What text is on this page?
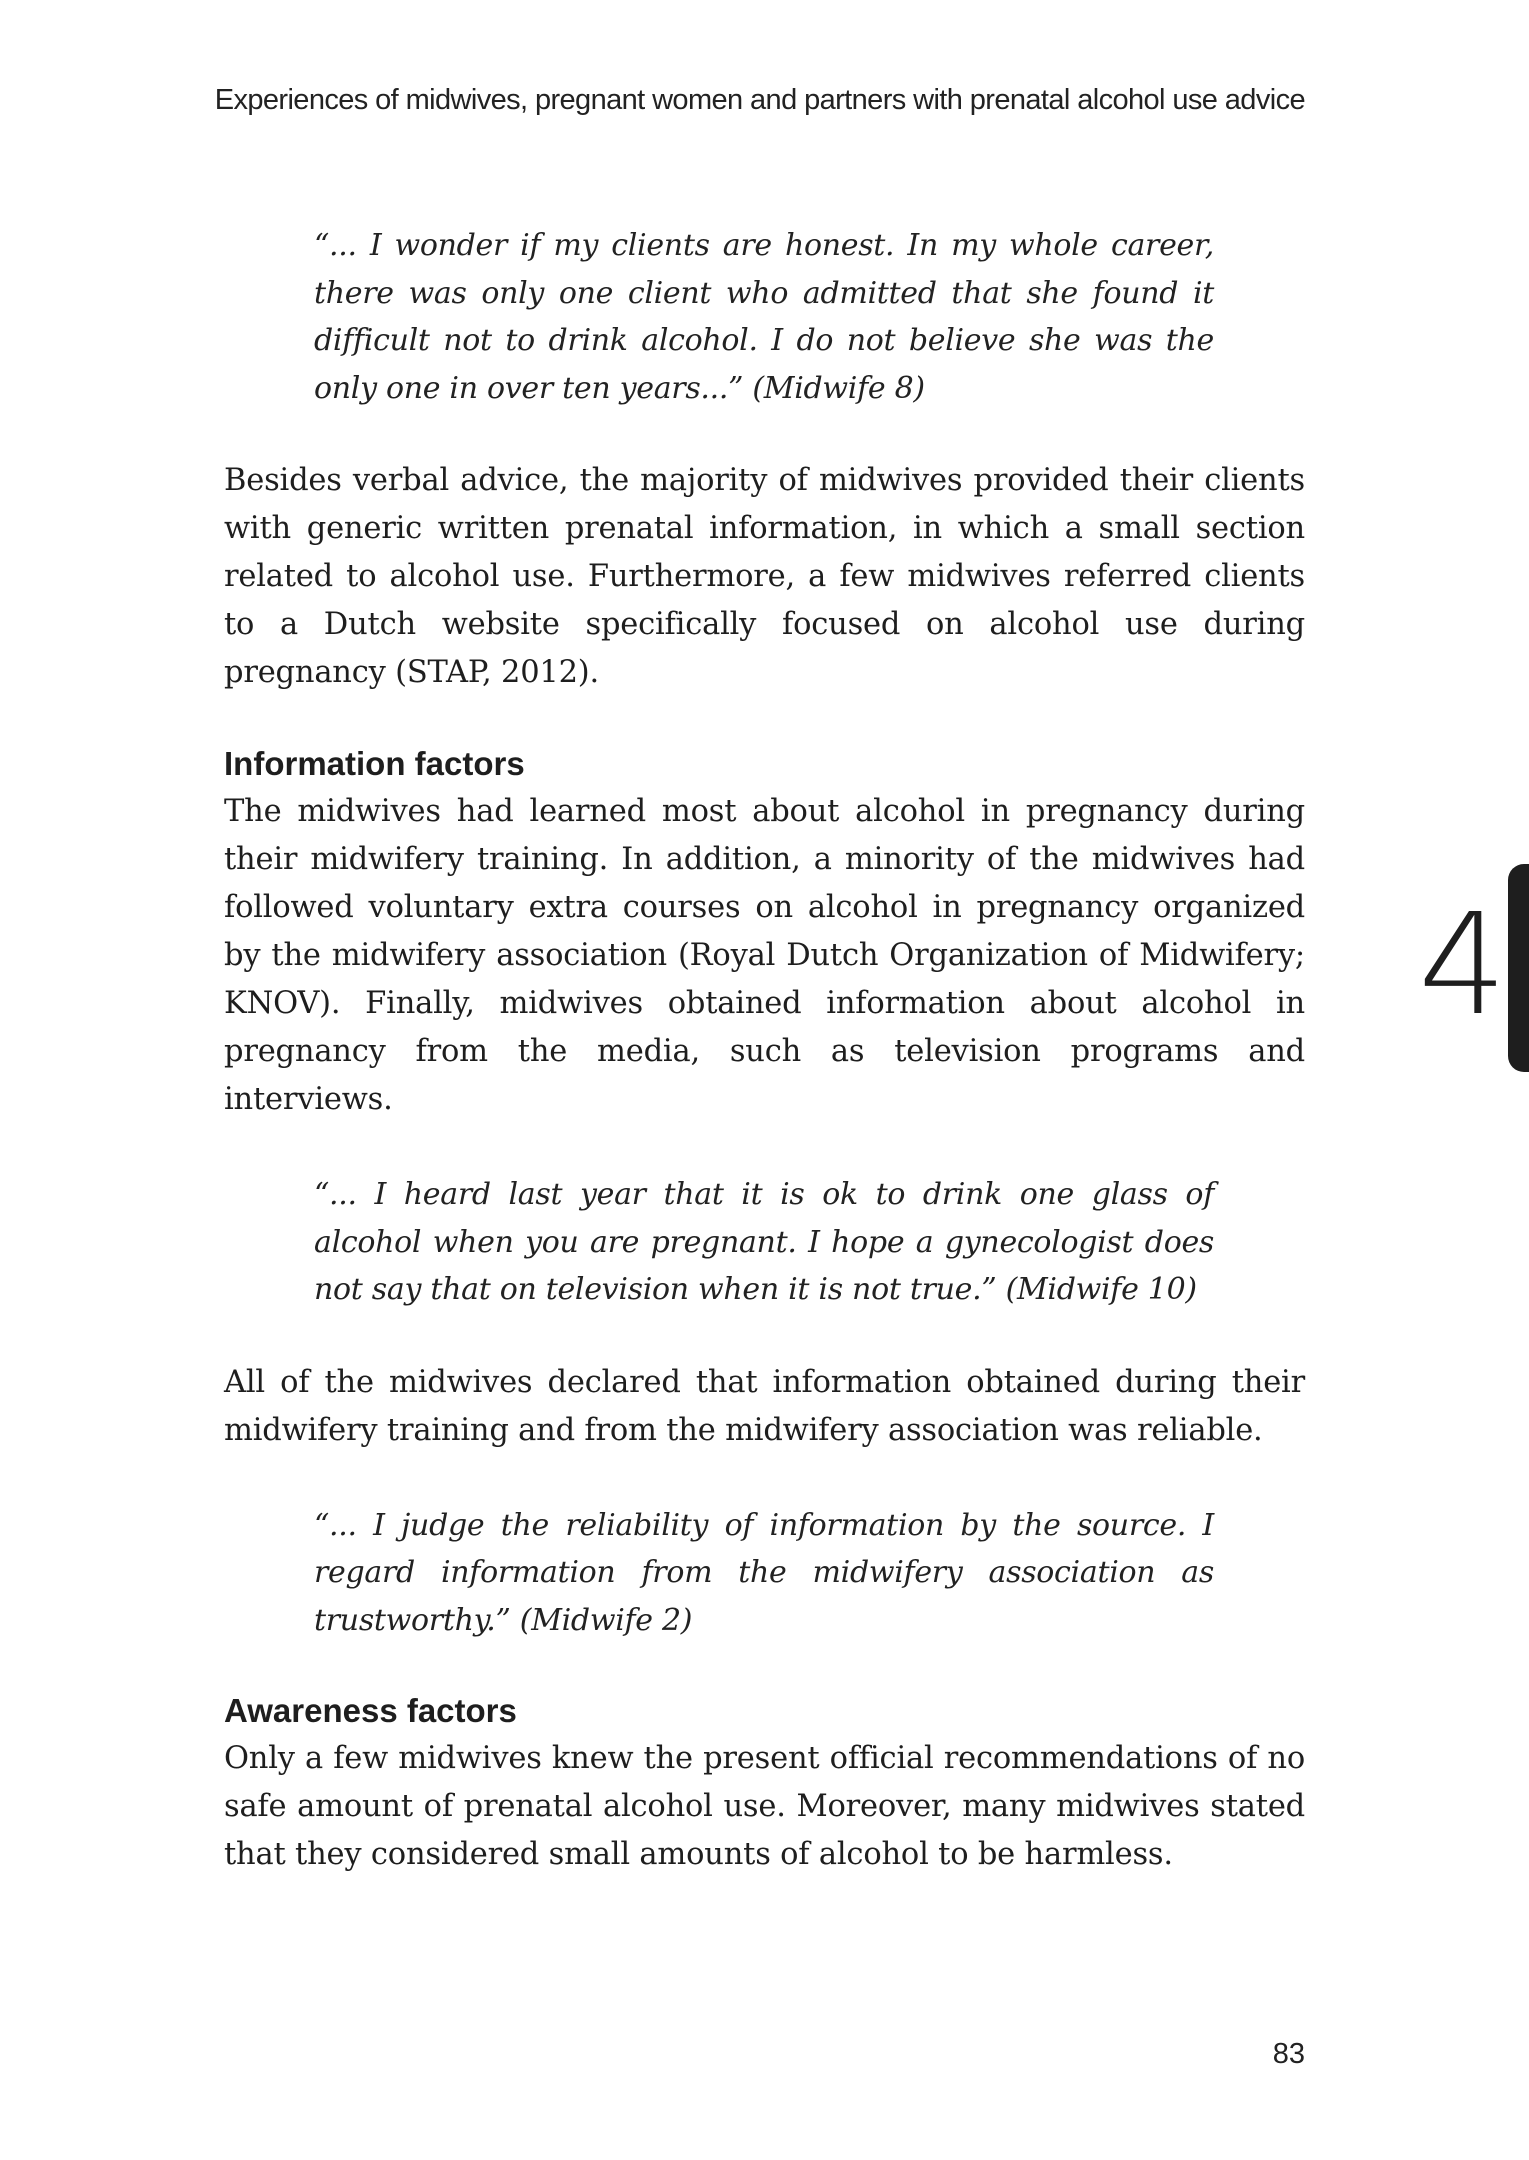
Experiences of midwives, pregnant women and partners with prenatal alcohol use advice

“... I wonder if my clients are honest. In my whole career, there was only one client who admitted that she found it difficult not to drink alcohol. I do not believe she was the only one in over ten years...” (Midwife 8)

Besides verbal advice, the majority of midwives provided their clients with generic written prenatal information, in which a small section related to alcohol use. Furthermore, a few midwives referred clients to a Dutch website specifically focused on alcohol use during pregnancy (STAP, 2012).

Information factors

The midwives had learned most about alcohol in pregnancy during their midwifery training. In addition, a minority of the midwives had followed voluntary extra courses on alcohol in pregnancy organized by the midwifery association (Royal Dutch Organization of Midwifery; KNOV). Finally, midwives obtained information about alcohol in pregnancy from the media, such as television programs and interviews.

“... I heard last year that it is ok to drink one glass of alcohol when you are pregnant. I hope a gynecologist does not say that on television when it is not true.” (Midwife 10)

All of the midwives declared that information obtained during their midwifery training and from the midwifery association was reliable.

“... I judge the reliability of information by the source. I regard information from the midwifery association as trustworthy.” (Midwife 2)

Awareness factors

Only a few midwives knew the present official recommendations of no safe amount of prenatal alcohol use. Moreover, many midwives stated that they considered small amounts of alcohol to be harmless.

4
83
